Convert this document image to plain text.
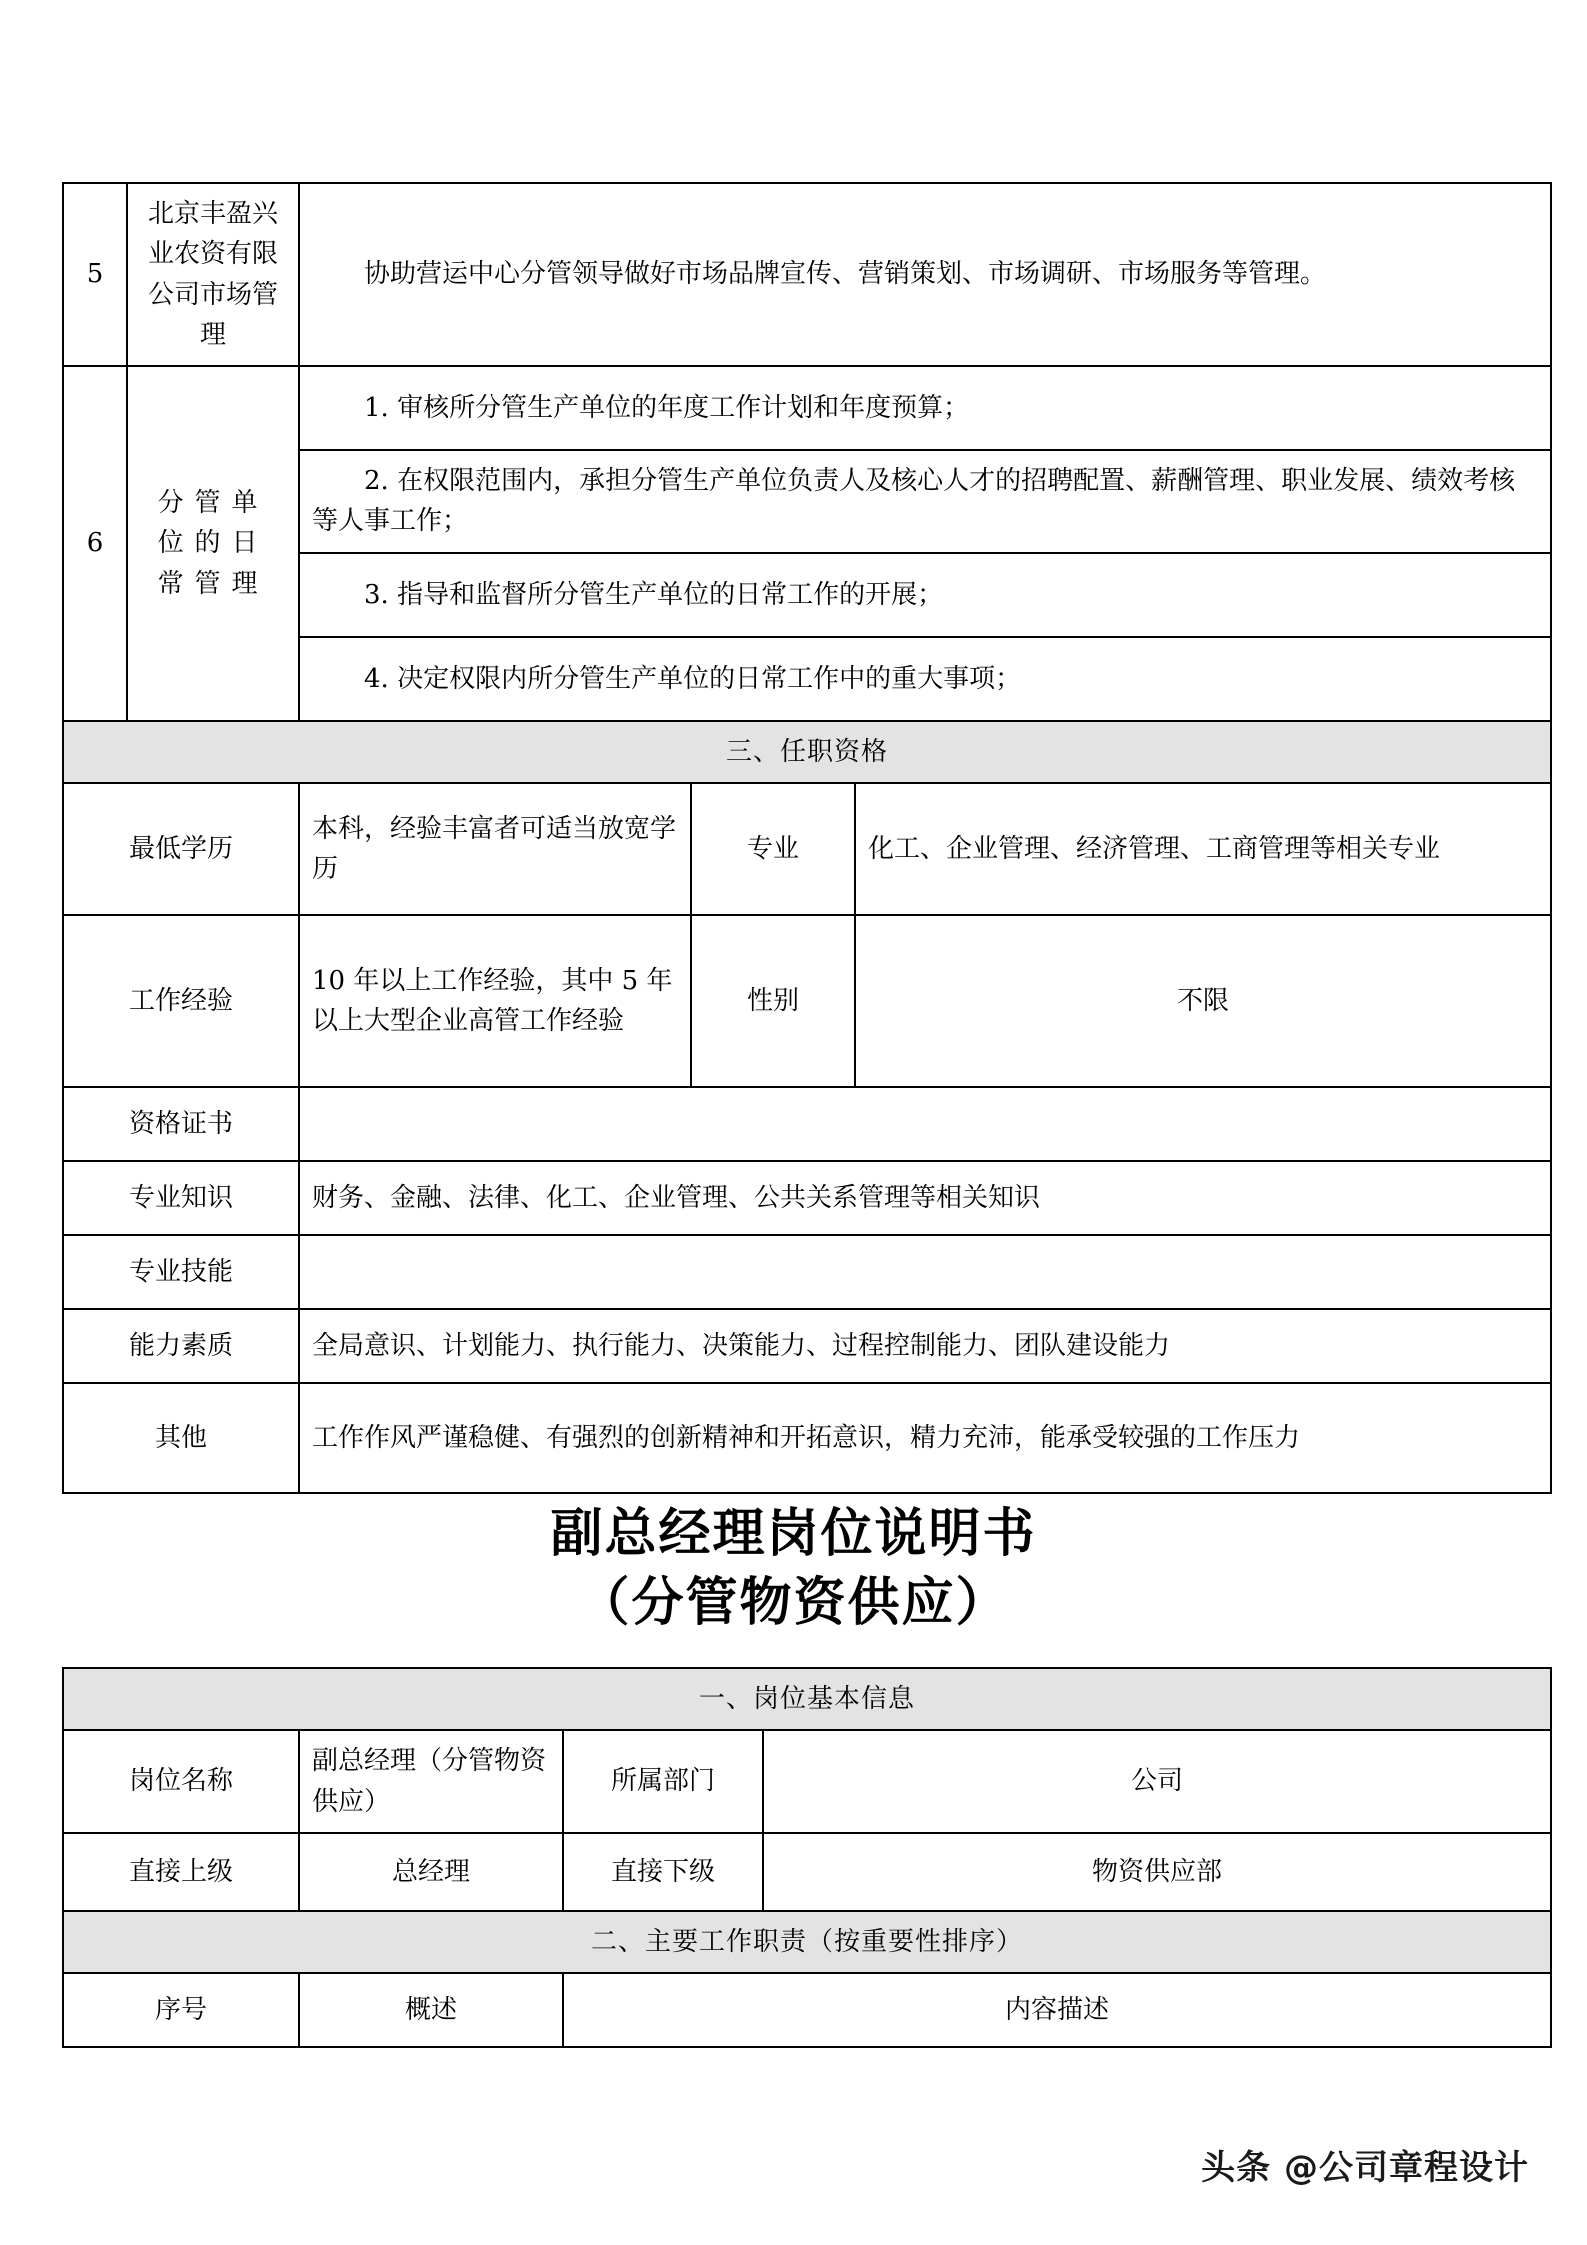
5	北京丰盈兴业农资有限公司市场管理	协助营运中心分管领导做好市场品牌宣传、营销策划、市场调研、市场服务等管理。		

6	分管单位的日常管理	1. 审核所分管生产单位的年度工作计划和年度预算；		

		2. 在权限范围内，承担分管生产单位负责人及核心人才的招聘配置、薪酬管理、职业发展、绩效考核等人事工作；		

		3. 指导和监督所分管生产单位的日常工作的开展；		

		4. 决定权限内所分管生产单位的日常工作中的重大事项；		

三、任职资格				
最低学历		本科，经验丰富者可适当放宽学历	专业	化工、企业管理、经济管理、工商管理等相关专业
工作经验		10 年以上工作经验，其中 5 年以上大型企业高管工作经验	性别	不限
资格证书				
专业知识		财务、金融、法律、化工、企业管理、公共关系管理等相关知识		
专业技能				
能力素质		全局意识、计划能力、执行能力、决策能力、过程控制能力、团队建设能力		
其他		工作作风严谨稳健、有强烈的创新精神和开拓意识，精力充沛，能承受较强的工作压力		
副总经理岗位说明书
（分管物资供应）
一、岗位基本信息			
岗位名称	副总经理（分管物资供应）	所属部门	公司
直接上级	总经理	直接下级	物资供应部
二、主要工作职责（按重要性排序）			
序号	概述	内容描述	
头条 @公司章程设计
